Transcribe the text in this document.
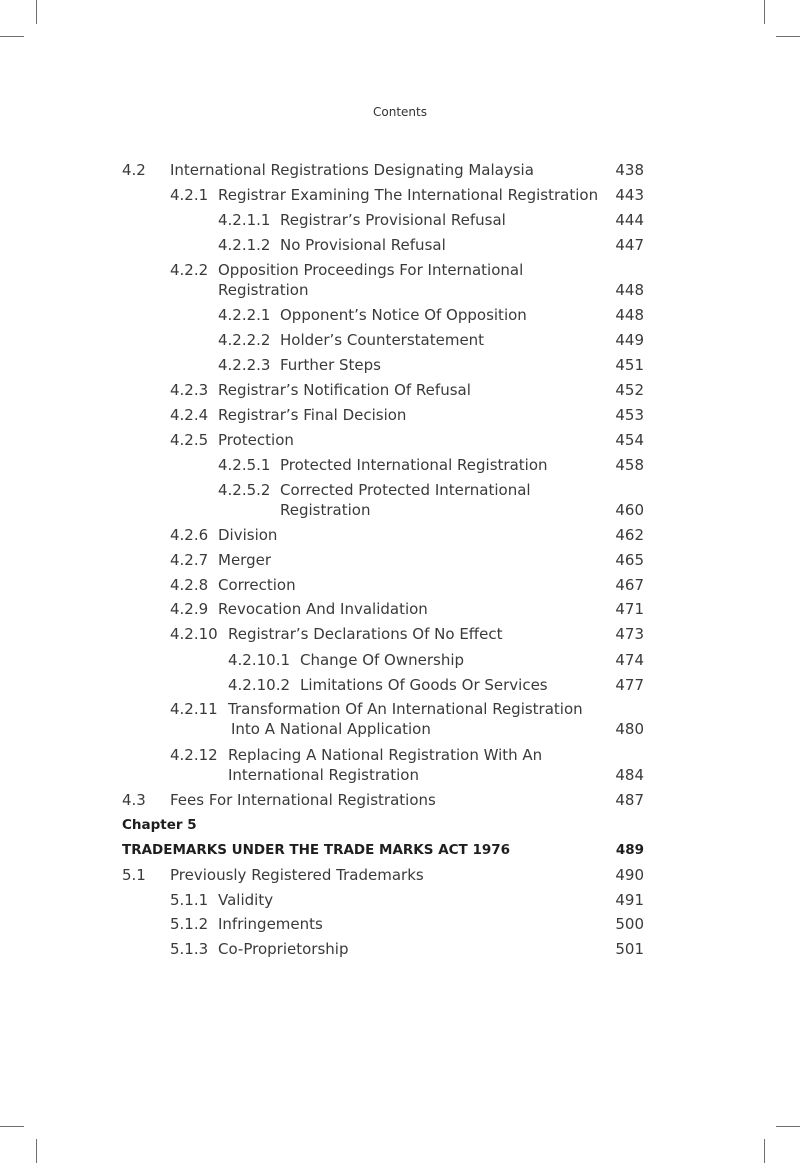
Contents
4.2 International Registrations Designating Malaysia	438
4.2.1 Registrar Examining The International Registration 443
4.2.1.1 Registrar’s Provisional Refusal	444
4.2.1.2 No Provisional Refusal	447
4.2.2 Opposition Proceedings For International
Registration	448
4.2.2.1 Opponent’s Notice Of Opposition	448
4.2.2.2 Holder’s Counterstatement	449
4.2.2.3 Further Steps	451
4.2.3 Registrar’s Notification Of Refusal	452
4.2.4 Registrar’s Final Decision	453
4.2.5 Protection	454
4.2.5.1 Protected International Registration	458
4.2.5.2 Corrected Protected International
Registration	460
4.2.6 Division	462
4.2.7 Merger	465
4.2.8 Correction	467
4.2.9 Revocation And Invalidation	471
4.2.10 Registrar’s Declarations Of No Effect	473
4.2.10.1 Change Of Ownership	474
4.2.10.2 Limitations Of Goods Or Services	477
4.2.11 Transformation Of An International Registration
Into A National Application	480
4.2.12 Replacing A National Registration With An
International Registration	484
4.3 Fees For International Registrations	487
Chapter 5
TRADEMARKS UNDER THE TRADE MARKS ACT 1976	489
5.1 Previously Registered Trademarks	490
5.1.1 Validity	491
5.1.2 Infringements	500
5.1.3 Co-Proprietorship	501
